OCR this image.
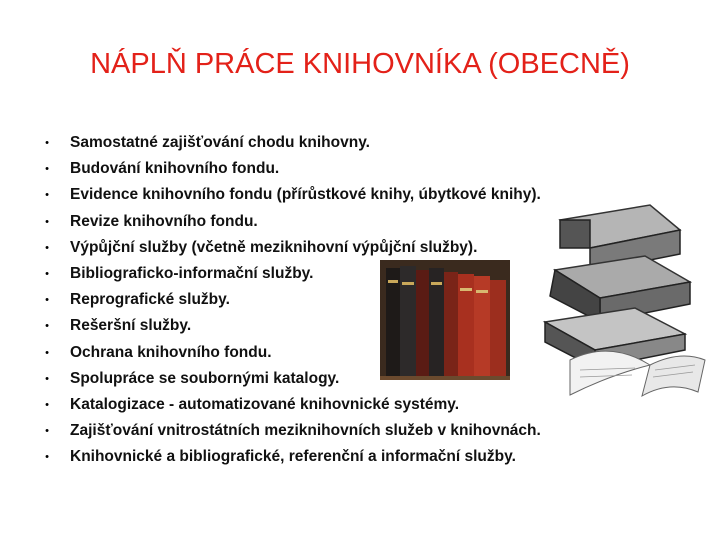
NÁPLŇ PRÁCE KNIHOVNÍKA (OBECNĚ)
•	Samostatné zajišťování chodu knihovny.
•	Budování knihovního fondu.
•	Evidence knihovního fondu (přírůstkové knihy, úbytkové knihy).
•	Revize knihovního fondu.
•	Výpůjční služby (včetně meziknihovní výpůjční služby).
•	Bibliograficko-informační služby.
•	Reprografické služby.
•	Rešeršní služby.
•	Ochrana knihovního fondu.
•	Spolupráce se soubornými katalogy.
•	Katalogizace - automatizované knihovnické systémy.
•	Zajišťování vnitrostátních meziknihovních služeb v knihovnách.
•	Knihovnické a bibliografické, referenční a informační služby.
